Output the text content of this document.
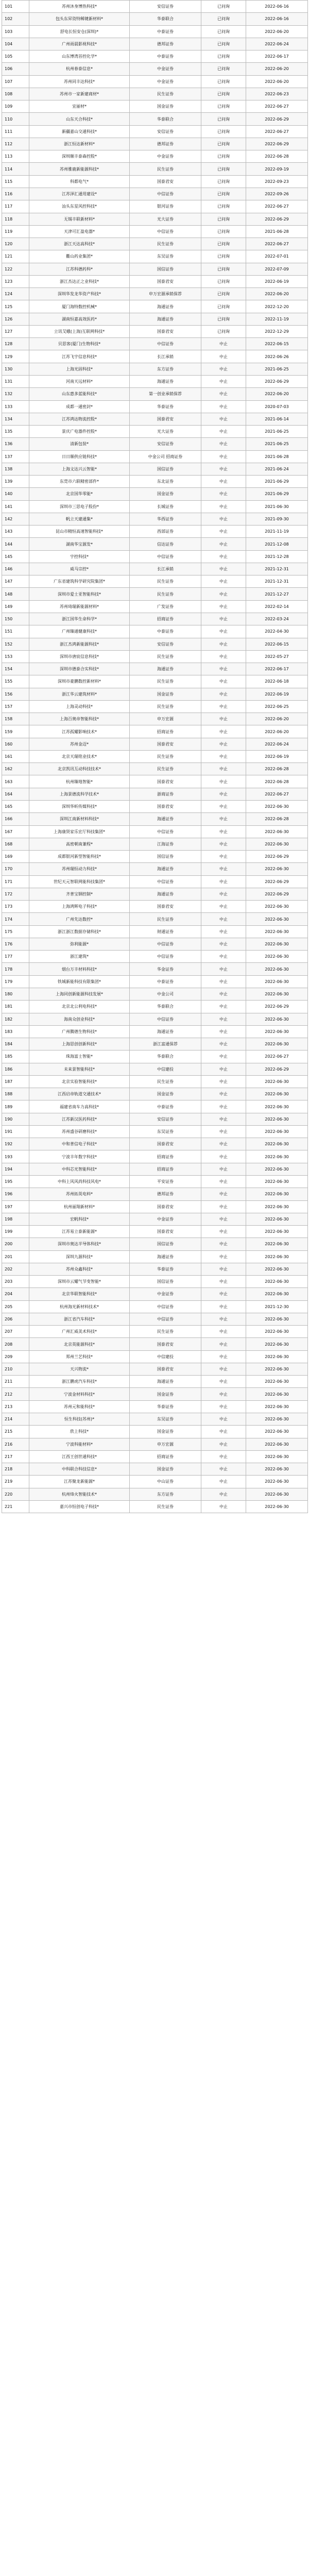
101	苏州沐身博热科技*	安信证券	已问询	2022-06-16
102	包头东昇资特稀键新材料*	华泰联合	已问询	2022-06-16
103	舒电长恒安仓(深圳)*	中泰证券	已问询	2022-06-20
104	广州雨晨影视科技*	德邦证券	已问询	2022-06-24
105	山东博湾首控化学*	中泰证券	已问询	2022-06-17
106	杭州春泰信息*	中金证券	已问询	2022-06-20
107	苏州同丰达科技*	中金证券	已问询	2022-06-20
108	苏州市一家新建商材*	民生证券	已问询	2022-06-23
109	宜丽材*	国金证券	已问询	2022-06-27
110	山东天合科技*	华泰联合	已问询	2022-06-29
111	新疆嘉山交通科技*	安信证券	已问询	2022-06-27
112	浙江恒达新材料*	德邦证券	已问询	2022-06-29
113	深圳顺丰泰森控股*	中金证券	已问询	2022-06-28
114	苏州雅鹿新能源科技*	民生证券	已问询	2022-09-19
115	科都电气*	国泰君安	已问询	2022-09-23
116	江苏泽汇通用建设*	中信证券	已问询	2022-09-26
117	汕头东星风控科技*	银河证券	已问询	2022-06-27
118	无锡丰联新材料*	光大证券	已问询	2022-06-29
119	天津可汇盈电器*	中信证券	已问询	2021-06-28
120	浙江天达高科技*	民生证券	已问询	2022-06-27
121	衢山药业集团*	东吴证券	已问询	2022-07-01
122	江苏科德药科*	国信证券	已问询	2022-07-09
123	浙江杰达正之业科技*	国泰君安	已问询	2022-06-19
124	深圳华发龙华资产科技*	申万宏源承销保荐	已问询	2022-06-20
125	厦门海特数控机械*	海通证券	已问询	2022-12-20
126	湖南恒嘉高效医药*	海通证券	已问询	2022-11-19
127	立讯艾蛾(上海)互联网科技*	国泰君安	已问询	2022-12-29
128	贝思客(厦门)生物科技*	中信证券	中止	2022-06-15
129	江苏飞宇信息科技*	长江承销	中止	2022-06-26
130	上海光固科技*	东方证券	中止	2021-06-25
131	河南天远材料*	海通证券	中止	2022-06-29
132	山东惠多蓝能科技*	第一创业承销保荐	中止	2022-06-20
133	成都一通密封*	华泰证券	中止	2020-07-03
134	江苏鸿达物流控股*	国泰君安	中止	2021-06-14
135	景庆广电器件控股*	光大证券	中止	2021-06-25
136	清新包装*	安信证券	中止	2021-06-25
137	日日顺供应链科技*	中金公司 招商证券	中止	2021-06-28
138	上海文达兴云智能*	国信证券	中止	2021-06-24
139	东莞市六联精密部件*	东北证券	中止	2021-06-29
140	北京国华零能*	国金证券	中止	2021-06-29
141	深圳市三思电子股份*	长城证券	中止	2021-06-30
142	帆立天建通集*	华西证券	中止	2021-09-30
143	昆山市精恒高速智能科技*	西部证券	中止	2021-11-19
144	湖南华宝源发*	信达证券	中止	2021-12-08
145	宇控科技*	中信证券	中止	2021-12-28
146	威马宗控*	长江承销	中止	2021-12-31
147	广东省建筑科学研究院集团*	民生证券	中止	2021-12-31
148	深圳市爱士亚智能科技*	民生证券	中止	2021-12-27
149	苏州琦瑞新能源材料*	广发证券	中止	2022-02-14
150	浙江国华生命科学*	招商证券	中止	2022-03-24
151	广州臻通健康科技*	中泰证券	中止	2022-04-30
152	浙江杰鸿新能源科技*	安信证券	中止	2022-06-15
153	深圳市唐宸信息科技*	民生证券	中止	2022-05-27
154	深圳市德泰合实科技*	海通证券	中止	2022-06-17
155	深圳市豪鹏数控新材料*	民生证券	中止	2022-06-18
156	浙江华云建筑材料*	国金证券	中止	2022-06-19
157	上海灵动科技*	民生证券	中止	2022-06-25
158	上海百奥帝智能科技*	申万宏源	中止	2022-06-20
159	江苏孤耀影响技术*	招商证券	中止	2022-06-20
160	苏州金迈*	国泰君安	中止	2022-06-24
161	北京天瑞铭业技术*	民生证券	中止	2022-06-19
162	北京凯讯互动科技技术*	民生证券	中止	2022-06-28
163	杭州臻地智能*	国泰君安	中止	2022-06-28
164	上海景德流科学技术*	浙商证券	中止	2022-06-27
165	深圳华昕传媒科技*	国泰君安	中止	2022-06-30
166	深圳江南新材料科技*	海通证券	中止	2022-06-28
167	上海康贤家乐宏厅科技集团*	中信证券	中止	2022-06-30
168	高密朝南兼程*	江海证券	中止	2022-06-30
169	成都银河新型智能科技*	国信证券	中止	2022-06-29
170	苏州瑞恒动力科技*	海通证券	中止	2022-06-30
171	世纪天元智联网能科技集团*	中信证券	中止	2022-06-29
172	齐普宝钢控制*	海通证券	中止	2022-06-29
173	上海鸿辉电子科技*	国泰君安	中止	2022-06-30
174	广州先达数控*	民生证券	中止	2022-06-30
175	浙江浙江数据存储科技*	财通证券	中止	2022-06-30
176	弥利能源*	中信证券	中止	2022-06-30
177	浙江建筑*	中信证券	中止	2022-06-30
178	烟台万丰材料科技*	华金证券	中止	2022-06-30
179	铁城新能科技有限集团*	中泰证券	中止	2022-06-30
180	上海同创新能源科技发展*	中金公司	中止	2022-06-30
181	北京北公利电科技*	华泰联合	中止	2022-06-29
182	海南众创业科技*	中信证券	中止	2022-06-30
183	广州腾德生物科技*	海通证券	中止	2022-06-30
184	上海思创创新科技*	浙江富通保荐	中止	2022-06-30
185	珠海富士智能*	华泰联合	中止	2022-06-27
186	未来景智能科技*	中信建投	中止	2022-06-29
187	北京实验智能科技*	民生证券	中止	2022-06-30
188	江西启帝轨道交通技术*	国金证券	中止	2022-06-30
189	福建省南车力高科技*	中泰证券	中止	2022-06-30
190	江苏新汉医药科技*	安信证券	中止	2022-06-30
191	苏州盛谷研磨科技*	东吴证券	中止	2022-06-30
192	中和普信电子科技*	国泰君安	中止	2022-06-30
193	宁波丰年数字科技*	招商证券	中止	2022-06-30
194	中科芯光智能科技*	招商证券	中止	2022-06-30
195	中科上风风尚科技风电*	平安证券	中止	2022-06-30
196	苏州拓英电料*	德邦证券	中止	2022-06-30
197	杭州丽翔新材料*	国泰君安	中止	2022-06-30
198	宏帆科技*	中金证券	中止	2022-06-30
199	江苏易立泰新能源*	国泰君安	中止	2022-06-30
200	深圳市奥达半导体科技*	国信证券	中止	2022-06-30
201	深圳九源科技*	海通证券	中止	2022-06-30
202	苏州众鑫科技*	华泰证券	中止	2022-06-30
203	深圳市云耀气节变智能*	国信证券	中止	2022-06-30
204	北京华联智能科技*	中金证券	中止	2022-06-30
205	杭州海光新材料技术*	中信证券	中止	2021-12-30
206	浙江省汽车科技*	中信证券	中止	2022-06-30
207	广州汇威美术科技*	民生证券	中止	2022-06-30
208	北京英能源科技*	国泰君安	中止	2022-06-30
209	郑州兰艺科技*	中信建投	中止	2022-06-30
210	天兴物流*	国泰君安	中止	2022-06-30
211	浙江鹏虎汽车科技*	海通证券	中止	2022-06-30
212	宁波金材料科技*	国金证券	中止	2022-06-30
213	苏州元和能科技*	华泰证券	中止	2022-06-30
214	恒生科技(苏州)*	东吴证券	中止	2022-06-30
215	欣上科技*	国金证券	中止	2022-06-30
216	宁波科能材料*	申万宏源	中止	2022-06-30
217	江西王创世通科技*	招商证券	中止	2022-06-30
218	中科联合科技信息*	国金证券	中止	2022-06-30
219	江苏聚龙新能源*	中山证券	中止	2022-06-30
220	杭州烽火智能技术*	东方证券	中止	2022-06-30
221	嘉兴市恒创电子科技*	民生证券	中止	2022-06-30
